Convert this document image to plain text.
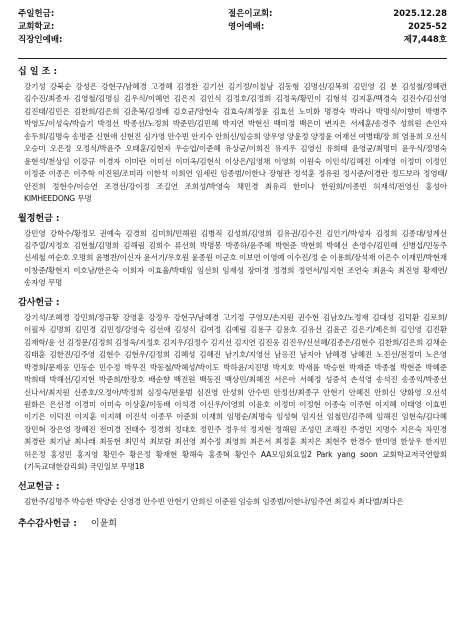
주일헌금:	절은이교회:	2025.12.28
교회학교:	영어예배:	2025-52
직장인예배:	제7,448호
십 일 조 :
강기성 강북순 강성은 강현구/남혜경 고경혜 김경찬 김기선 김기정/이칠남 김동형 김명신/김복희 김민영 김 분 김성철/정혜련 김수진/최종자 김영철/김명심 김우식/이혜연 김은지 김인식 김정호/김정희 김정욱/황민이 김형석 김지훈/백경숙 김진수/김선영 김진태/김민은 김찬희/김은희 김춘복/김정배 김호균/양현숙 김효숙/최정윤 김효선 노미화 명경숙 박라나 박명식/이향미 박병주 박영도/이성숙/박슬기 박정선 박종선/노정희 박준민/김민혜 박지연 박현신 백미정 백은미 변지은 서세훈/송경주 성희원 손인자 송두희/김명숙 송명준 신현애 신현진 심가영 안수빈 안지수 안희신/임승희 양우영 양윤정 양정윤 어재선 여병태/장 희 염용희 오선식 오승미 오은정 오정식/박윤주 오태훈/김현자 우승엽/이준혜 유상균/이희진 유지우 김영신 유희태 윤영균/최명미 윤우식/정명숙 윤현석/천상임 이강규 이경자 이미란 이미선 이미옥/김현식 이상은/임영채 이영희 이원숙 이인석/김혜진 이재영 이정미 이정인 이정준 이종은 이주학 이진원/조미라 이한석 이희연 임세린 임종범/이한나 장형관 정석훈 정유원 정시준/이경란 정드보라 정영태/안진희 정현수/이승연 조경선/강이정 조길연 조희성/박영숙 채민경 최유리 한미나 한원희/이종빈 허재석/전영신 홍성아 KIMHEEDONG 무명
월정헌금 :
강민영 강학수/황정모 권예숙 김경희 김미희/민해원 김병직 김성희/김영희 김유권/김수진 김인기/박성자 김정희 김종대/성계선 김주열/지정호 김현철/김명희 김해림 김희수 류선희 박명봉 박종하/윤주혜 박현준 박현희 박혜선 손영수/김민혜 신병섭/민동주 신세철 여순호 오명희 윤병찬/이신자 윤서기/우호원 윤종원 이군호 이보연 이영예 이수진/정 순 이용희/장석재 이은수 이재민/박현재 이창준/황현지 이호남/한은숙 이희자 이효율/박태임 임선희 임재성 장미경 정경희 정연서/임지현 조연숙 최윤숙 최진영 황재연/송자영 무명
감사헌금 :
강기석/조혜경 강민희/정규황 강영훈 강정우 강현구/남혜경 고기정 구영모/손지원 권수현 김남호/노정재 김대성 김덕환 김로희/이필자 김명희 김민경 김민정/강영숙 김선애 김성식 김여정 김예림 김용구 김용호 김유선 김윤곤 김은기/제은희 김인영 김진환 김재학/윤 선 김정문/김정희 김정욱/지정호 김지우/김정수 김지선 김지연 김진웅 김진우/신선혜/김종은/김현수 김찬희/김은희 김채순 김태훈 김한진/김주영 김현수 김현우/김정희 김혜성 김혜진 남기호/지영선 남응진 남지아 남혜경 남혜진 노진선/전정미 노은영 박경희/문제웅 민동순 민수정 박무진 박동철/박혜성/박이도 박하윤/지진명 박지호 박새롬 박승현 박재준 박종철 박현준 박혜준 박희태 박해선/김지현 박준희/한장호 배순향 백진원 백동진 백상민/최혜진 서은아 서혜정 성중석 손석영 송석진 송종익/박종선 신나서/최지원 신종호/오정아/박정희 심정숙/편윤범 심진영 안성희 안수빈 안정선/최종구 안현기 안혜진 안희신 양화영 오선석 원화은 은선경 이경미 이미숙 이상훈/이동배 이석경 이신우/이영희 이윤호 이정미 이정현 이종숙 이주현 이지혜 이태영 이효빈 이기은 이덕진 이지훈 이지혜 이진석 이종무 이준희 이재희 임명순/최명숙 임성혁 임지선 임철민/김주혜 임해진 임현숙/김다혜 장민혁 장은영 장혜진 전미경 전태수 정경희 정대호 정민주 정우석 정지현 정해원 조성민 조해진 주경민 지명수 지은숙 차민경 최경란 최기남 최나래 최동현 최민석 최보람 최선영 최수정 최영희 최은서 최정훈 최지은 최현주 한경수 한미영 한상우 한지민 허은정 홍성민 홍지영 황민수 황은정 황재현 황해숙 홍종혁 황인수 AA모임회요일2 Park yang soon 교회학교저국연합회(기독교대한감리회) 국민일보 무명18
선교헌금 :
김한주/김명주 박승한 박양순 신영경 안수빈 안현기 안희신 이준원 임승희 임종범/이한나/임주연 최길자 최다엘/최다은
추수감사헌금 : 이윤희
